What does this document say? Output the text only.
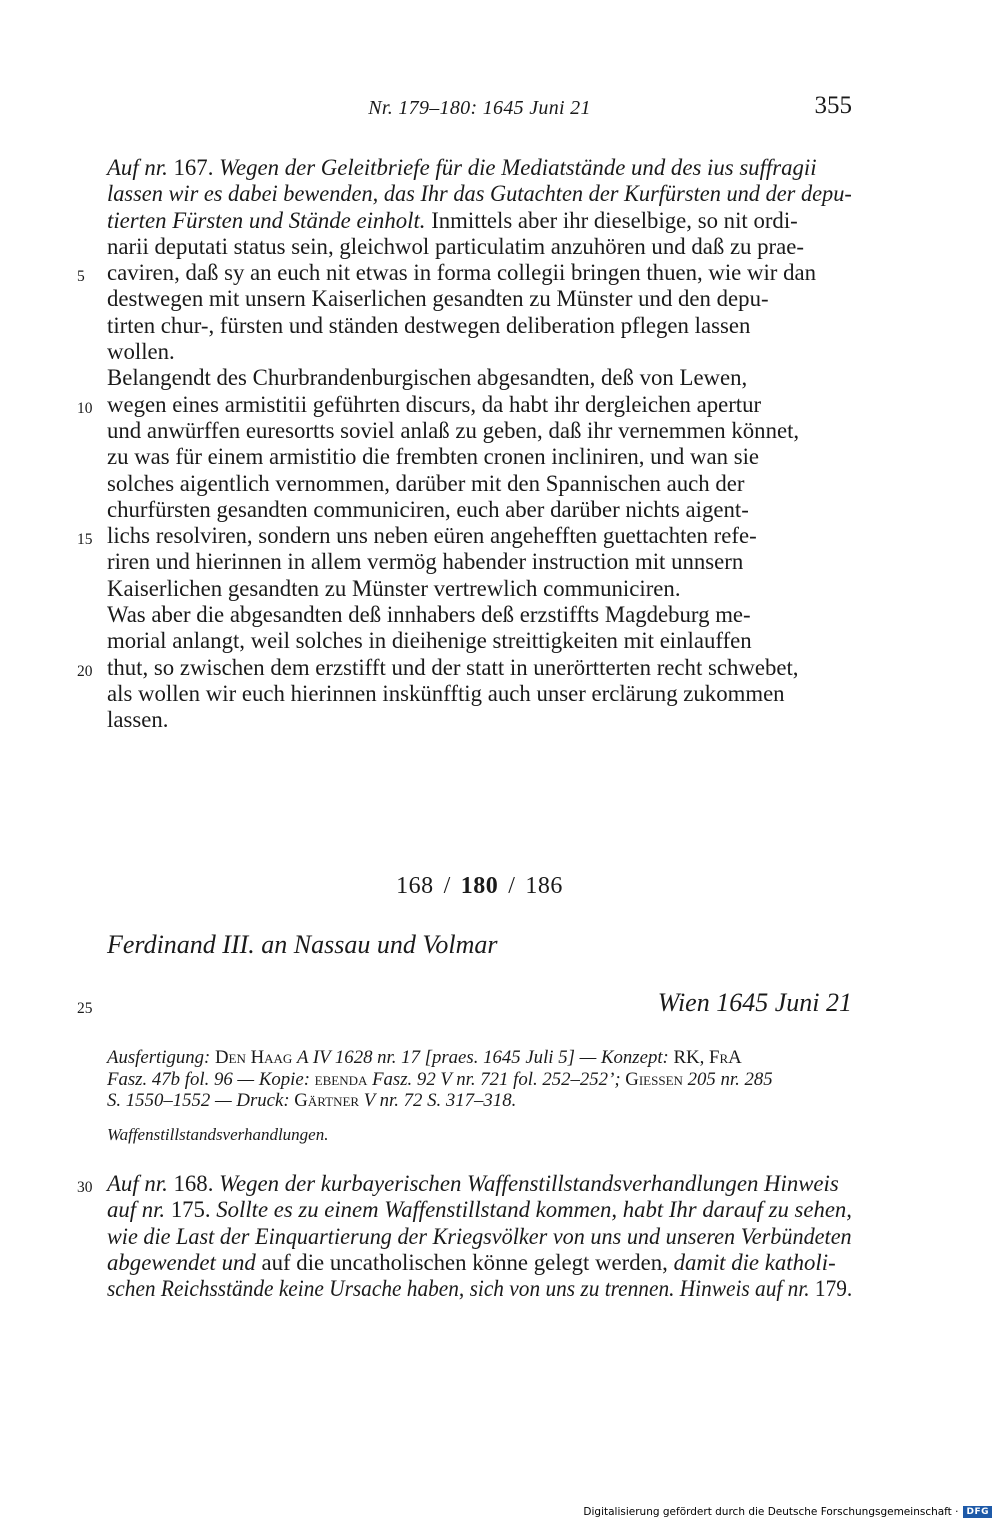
Nr. 179–180: 1645 Juni 21	355
Auf nr. 167. Wegen der Geleitbriefe für die Mediatstände und des ius suffragii
lassen wir es dabei bewenden, das Ihr das Gutachten der Kurfürsten und der depu-
tierten Fürsten und Stände einholt. Inmittels aber ihr dieselbige, so nit ordi-
narii deputati status sein, gleichwol particulatim anzuhören und daß zu prae-
5 caviren, daß sy an euch nit etwas in forma collegii bringen thuen, wie wir dan
destwegen mit unsern Kaiserlichen gesandten zu Münster und den depu-
tirten chur-, fürsten und ständen destwegen deliberation pflegen lassen
wollen.
Belangendt des Churbrandenburgischen abgesandten, deß von Lewen,
10 wegen eines armistitii geführten discurs, da habt ihr dergleichen apertur
und anwürffen euresortts soviel anlaß zu geben, daß ihr vernemmen könnet,
zu was für einem armistitio die frembten cronen incliniren, und wan sie
solches aigentlich vernommen, darüber mit den Spannischen auch der
churfürsten gesandten communiciren, euch aber darüber nichts aigent-
15 lichs resolviren, sondern uns neben eüren angehefften guettachten refe-
riren und hierinnen in allem vermög habender instruction mit unnsern
Kaiserlichen gesandten zu Münster vertrewlich communiciren.
Was aber die abgesandten deß innhabers deß erzstiffts Magdeburg me-
morial anlangt, weil solches in dieihenige streittigkeiten mit einlauffen
20 thut, so zwischen dem erzstifft und der statt in unerörtterten recht schwebet,
als wollen wir euch hierinnen inskünfftig auch unser erclärung zukommen
lassen.
168 / 180 / 186
Ferdinand III. an Nassau und Volmar
25	Wien 1645 Juni 21
Ausfertigung: Den Haag A IV 1628 nr. 17 [praes. 1645 Juli 5] — Konzept: RK, FrA
Fasz. 47b fol. 96 — Kopie: ebenda Fasz. 92 V nr. 721 fol. 252–252’; Giessen 205 nr. 285
S. 1550–1552 — Druck: Gärtner V nr. 72 S. 317–318.
Waffenstillstandsverhandlungen.
30 Auf nr. 168. Wegen der kurbayerischen Waffenstillstandsverhandlungen Hinweis
auf nr. 175. Sollte es zu einem Waffenstillstand kommen, habt Ihr darauf zu sehen,
wie die Last der Einquartierung der Kriegsvölker von uns und unseren Verbündeten
abgewendet und auf die uncatholischen könne gelegt werden, damit die katholi-
schen Reichsstände keine Ursache haben, sich von uns zu trennen. Hinweis auf nr. 179.
Digitalisierung gefördert durch die Deutsche Forschungsgemeinschaft · DFG
